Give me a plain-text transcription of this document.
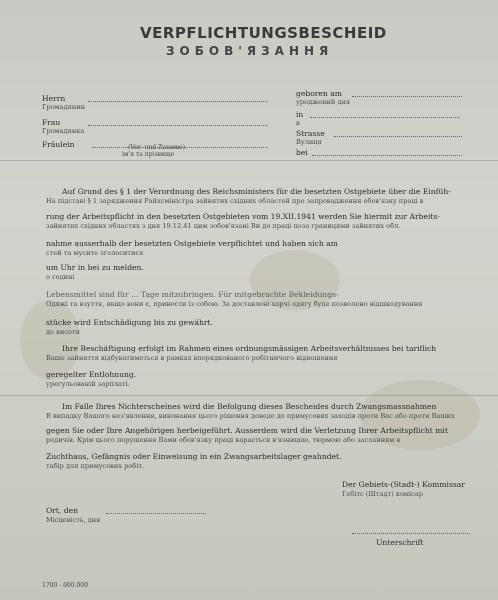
VERPFLICHTUNGSBESCHEID
ЗОБОВ'ЯЗАННЯ
Herrn
Громадянин
Frau
Громадянка
Fräulein	(Vor- und Zuname)
ім'я та прізвище
geboren am
уроджений дня
in
в
Strasse
Вулиця
bei
Auf Grund des § 1 der Verordnung des Reichsministers für die besetzten Ostgebiete über die Einfüh-
На підставі § 1 зарядження Райхсміністра зайнятих східних областей про запровадження обов'язку праці в
rung der Arbeitspflicht in den besetzten Ostgebieten vom 19.XII.1941 werden Sie hiermit zur Arbeits-
зайнятих східних областях з дня 19.12.41 цим зобов'язані Ви до праці поза границями зайнятих обл.
nahme ausserhalb der besetzten Ostgebiete verpflichtet und haben sich am
стей та мусите зголоситися
um Uhr in bei zu melden.
о годині
Lebensmittel sind für … Tage mitzubringen. Für mitgebrachte Bekleidungs-
Одяжі та взуття, якщо вони є, принести із собою. За доставлені харчі одягу буде позволено відшкодування
stücke wird Entschädigung bis zu gewährt.
до висоти
Ihre Beschäftigung erfolgt im Rahmen eines ordnungsmässigen Arbeitsverhältnisses bei tariflich
Ваше зайняття відбуватиметься в рамках впорядкованого робітничого відношення
geregelter Entlohnung.
урегульованій зарплаті.
Im Falle Ihres Nichterscheines wird die Befolgung dieses Bescheides durch Zwangsmassnahmen
В випадку Вашого нез'явлення, виконання цього рішення доведе до примусових заходів проти Вас або проти Ваших
gegen Sie oder Ihre Angehörigen herbeigeführt. Ausserdem wird die Verletzung Ihrer Arbeitspflicht mit
родичів. Крім цього порушення Вами обов'язку праці карається в'язницею, тюрмою або засланням в
Zuchthaus, Gefängnis oder Einweisung in ein Zwangsarbeitslager geahndet.
табір для примусових робіт.
Der Gebiets-(Stadt-) Kommissar
Гебітс (Штадт) комісар
Ort, den
Місцевість, дня
Unterschrift
1700 - 600.000
